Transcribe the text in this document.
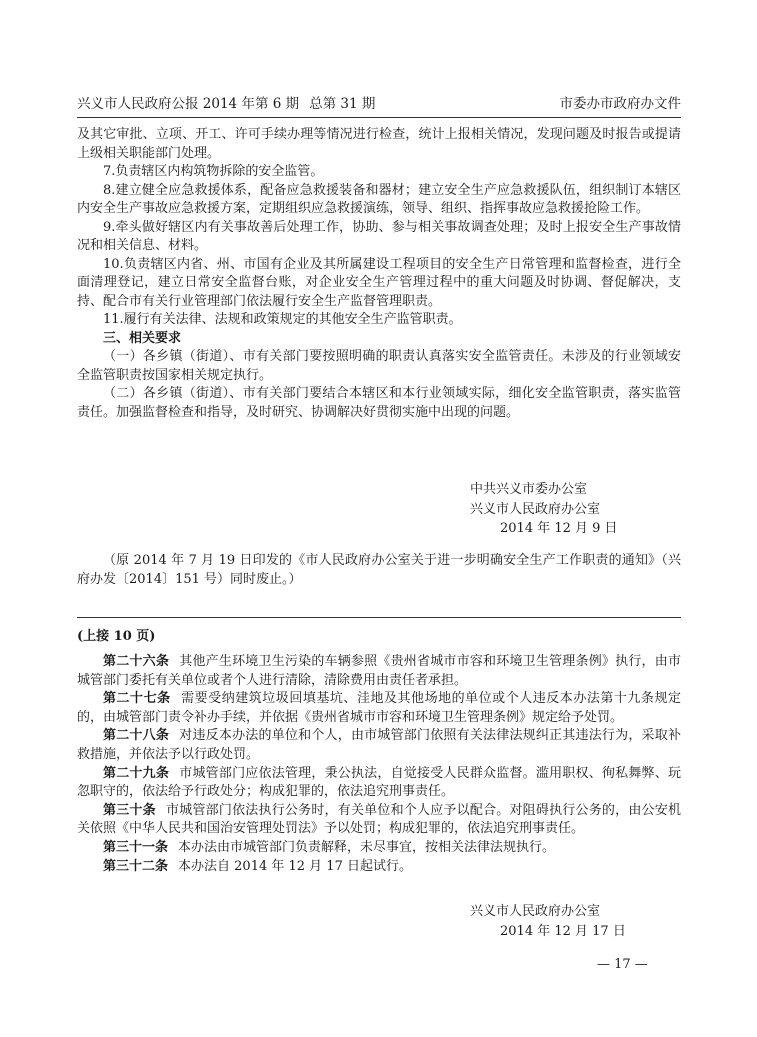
兴义市人民政府公报 2014 年第 6 期 总第 31 期	市委办市政府办文件

及其它审批、立项、开工、许可手续办理等情况进行检查，统计上报相关情况，发现问题及时报告或提请上级相关职能部门处理。

7.负责辖区内构筑物拆除的安全监管。

8.建立健全应急救援体系，配备应急救援装备和器材；建立安全生产应急救援队伍，组织制订本辖区内安全生产事故应急救援方案，定期组织应急救援演练，领导、组织、指挥事故应急救援抢险工作。

9.牵头做好辖区内有关事故善后处理工作，协助、参与相关事故调查处理；及时上报安全生产事故情况和相关信息、材料。

10.负责辖区内省、州、市国有企业及其所属建设工程项目的安全生产日常管理和监督检查，进行全面清理登记，建立日常安全监督台账，对企业安全生产管理过程中的重大问题及时协调、督促解决，支持、配合市有关行业管理部门依法履行安全生产监督管理职责。

11.履行有关法律、法规和政策规定的其他安全生产监管职责。

三、相关要求

（一）各乡镇（街道）、市有关部门要按照明确的职责认真落实安全监管责任。未涉及的行业领域安全监管职责按国家相关规定执行。

（二）各乡镇（街道）、市有关部门要结合本辖区和本行业领域实际，细化安全监管职责，落实监管责任。加强监督检查和指导，及时研究、协调解决好贯彻实施中出现的问题。

中共兴义市委办公室
兴义市人民政府办公室
2014 年 12 月 9 日

（原 2014 年 7 月 19 日印发的《市人民政府办公室关于进一步明确安全生产工作职责的通知》（兴府办发〔2014〕151 号）同时废止。）

(上接 10 页)

第二十六条 其他产生环境卫生污染的车辆参照《贵州省城市市容和环境卫生管理条例》执行，由市城管部门委托有关单位或者个人进行清除，清除费用由责任者承担。

第二十七条 需要受纳建筑垃圾回填基坑、洼地及其他场地的单位或个人违反本办法第十九条规定的，由城管部门责令补办手续，并依据《贵州省城市市容和环境卫生管理条例》规定给予处罚。

第二十八条 对违反本办法的单位和个人，由市城管部门依照有关法律法规纠正其违法行为，采取补救措施，并依法予以行政处罚。

第二十九条 市城管部门应依法管理，秉公执法，自觉接受人民群众监督。滥用职权、徇私舞弊、玩忽职守的，依法给予行政处分；构成犯罪的，依法追究刑事责任。

第三十条 市城管部门依法执行公务时，有关单位和个人应予以配合。对阻碍执行公务的，由公安机关依照《中华人民共和国治安管理处罚法》予以处罚；构成犯罪的，依法追究刑事责任。

第三十一条 本办法由市城管部门负责解释，未尽事宜，按相关法律法规执行。

第三十二条 本办法自 2014 年 12 月 17 日起试行。

兴义市人民政府办公室
2014 年 12 月 17 日
— 17 —
